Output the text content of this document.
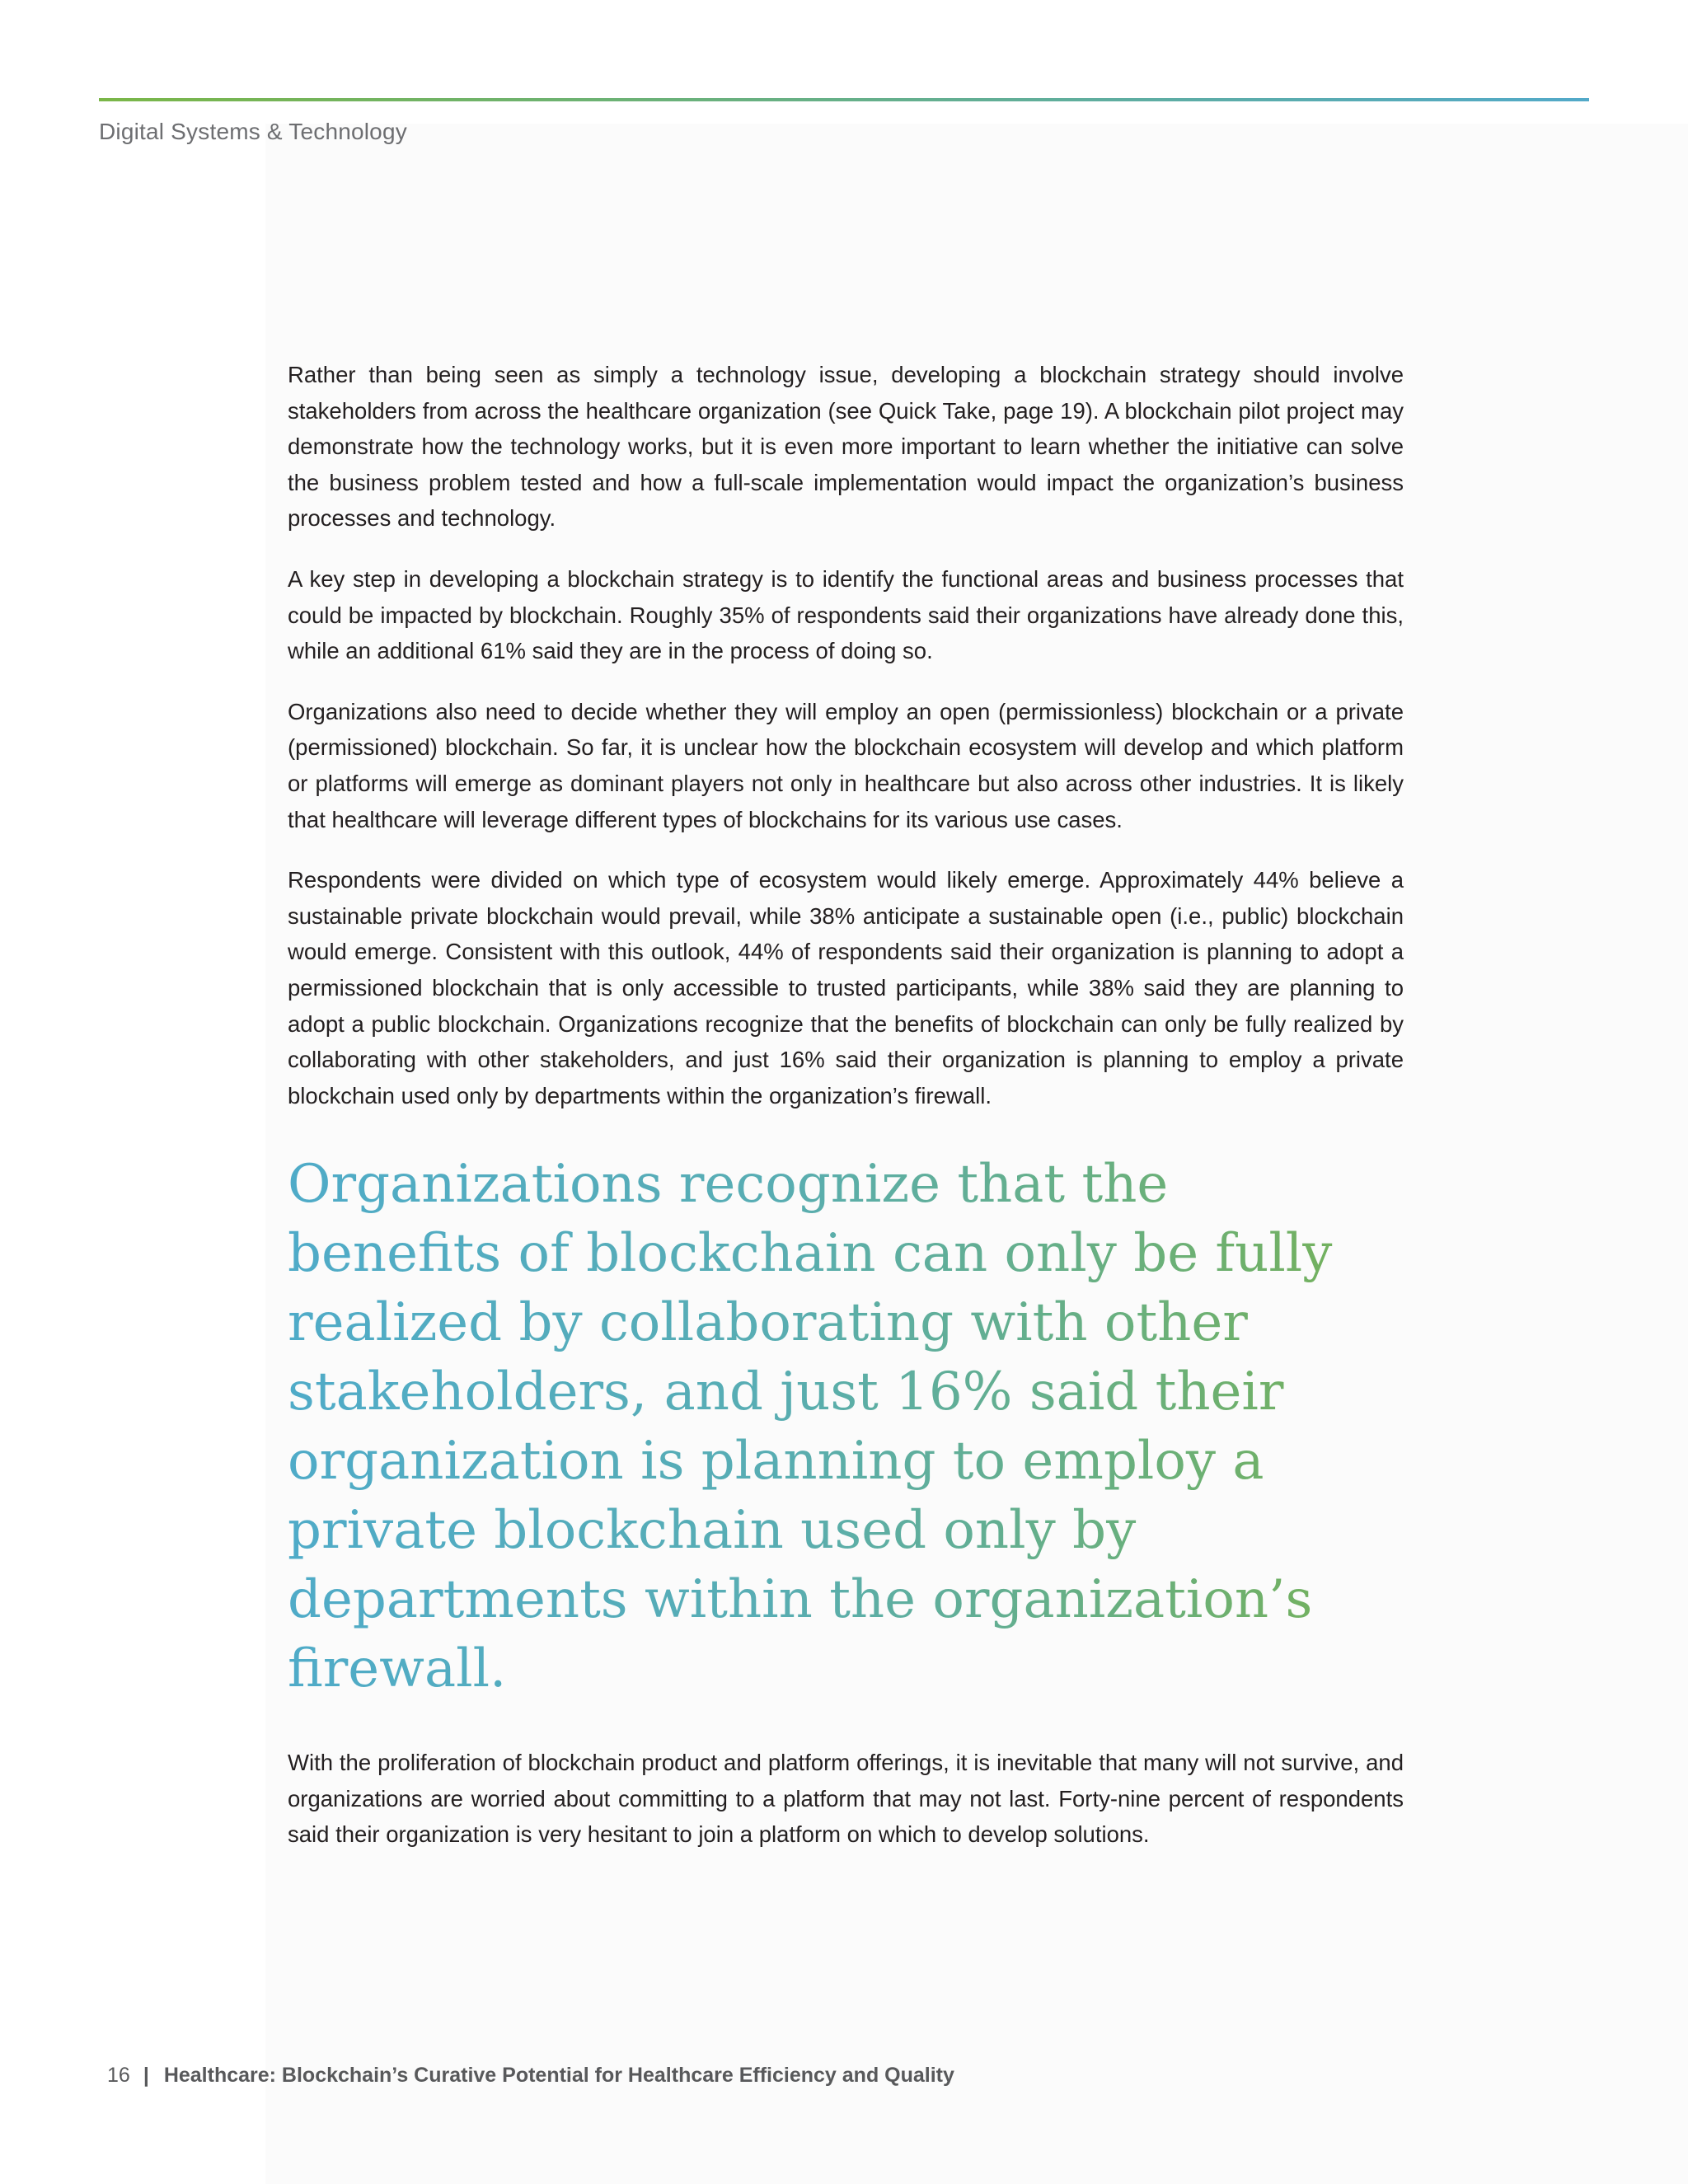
Digital Systems & Technology

Rather than being seen as simply a technology issue, developing a blockchain strategy should involve stakeholders from across the healthcare organization (see Quick Take, page 19). A blockchain pilot project may demonstrate how the technology works, but it is even more important to learn whether the initiative can solve the business problem tested and how a full-scale implementation would impact the organization’s business processes and technology.

A key step in developing a blockchain strategy is to identify the functional areas and business processes that could be impacted by blockchain. Roughly 35% of respondents said their organizations have already done this, while an additional 61% said they are in the process of doing so.

Organizations also need to decide whether they will employ an open (permissionless) blockchain or a private (permissioned) blockchain. So far, it is unclear how the blockchain ecosystem will develop and which platform or platforms will emerge as dominant players not only in healthcare but also across other industries. It is likely that healthcare will leverage different types of blockchains for its various use cases.

Respondents were divided on which type of ecosystem would likely emerge. Approximately 44% believe a sustainable private blockchain would prevail, while 38% anticipate a sustainable open (i.e., public) blockchain would emerge. Consistent with this outlook, 44% of respondents said their organization is planning to adopt a permissioned blockchain that is only accessible to trusted participants, while 38% said they are planning to adopt a public blockchain. Organizations recognize that the benefits of blockchain can only be fully realized by collaborating with other stakeholders, and just 16% said their organization is planning to employ a private blockchain used only by departments within the organization’s firewall.

Organizations recognize that the benefits of blockchain can only be fully realized by collaborating with other stakeholders, and just 16% said their organization is planning to employ a private blockchain used only by departments within the organization’s firewall.

With the proliferation of blockchain product and platform offerings, it is inevitable that many will not survive, and organizations are worried about committing to a platform that may not last. Forty-nine percent of respondents said their organization is very hesitant to join a platform on which to develop solutions.

16 | Healthcare: Blockchain’s Curative Potential for Healthcare Efficiency and Quality
